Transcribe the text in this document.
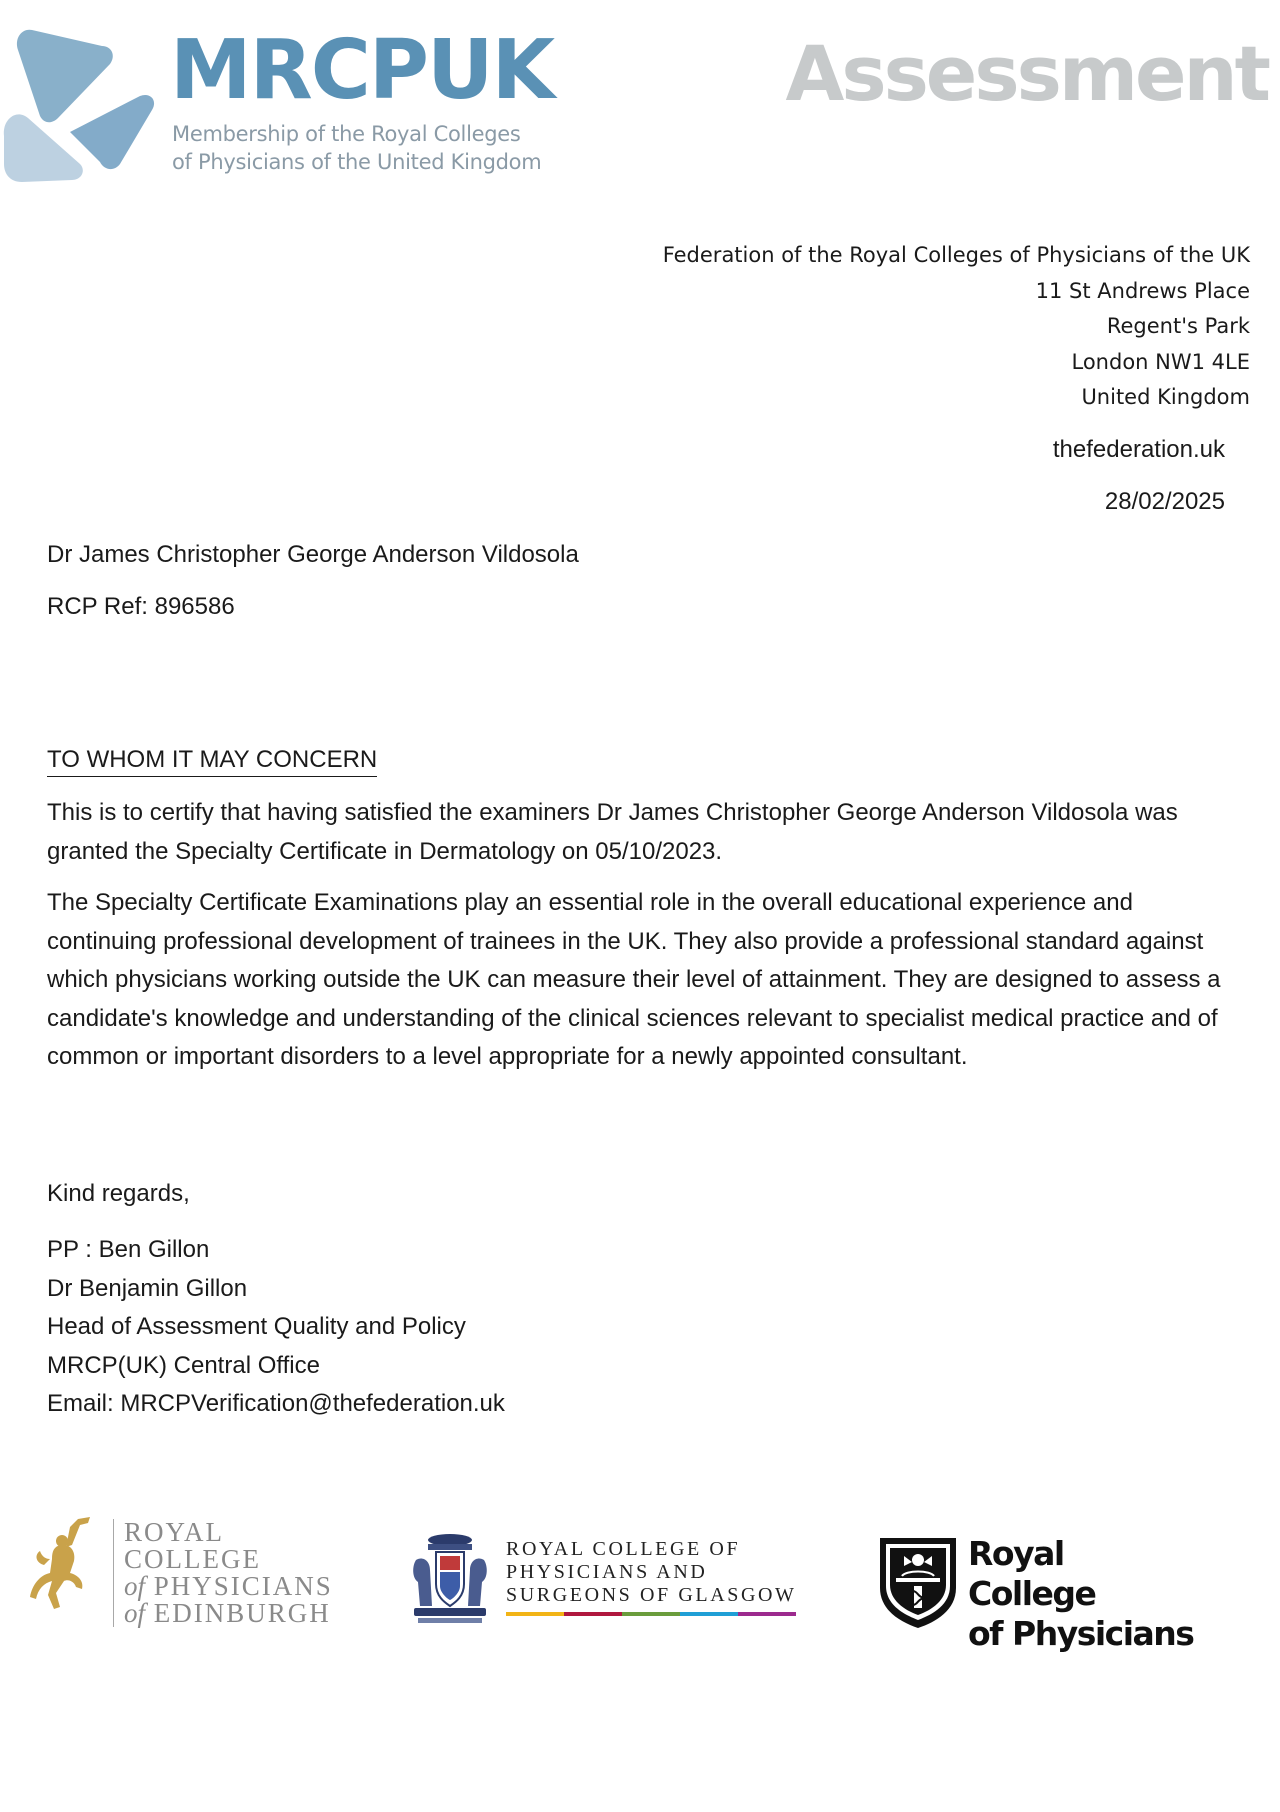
MRCPUK
Membership of the Royal Colleges
of Physicians of the United Kingdom
Assessment
Federation of the Royal Colleges of Physicians of the UK
11 St Andrews Place
Regent's Park
London NW1 4LE
United Kingdom
thefederation.uk
28/02/2025
Dr James Christopher George Anderson Vildosola
RCP Ref: 896586
TO WHOM IT MAY CONCERN

This is to certify that having satisfied the examiners Dr James Christopher George Anderson Vildosola was granted the Specialty Certificate in Dermatology on 05/10/2023.

The Specialty Certificate Examinations play an essential role in the overall educational experience and continuing professional development of trainees in the UK. They also provide a professional standard against which physicians working outside the UK can measure their level of attainment. They are designed to assess a candidate's knowledge and understanding of the clinical sciences relevant to specialist medical practice and of common or important disorders to a level appropriate for a newly appointed consultant.

Kind regards,
PP : Ben Gillon
Dr Benjamin Gillon
Head of Assessment Quality and Policy
MRCP(UK) Central Office
Email: MRCPVerification@thefederation.uk
ROYAL COLLEGE
of PHYSICIANS
of EDINBURGH
ROYAL COLLEGE OF
PHYSICIANS AND
SURGEONS OF GLASGOW
Royal College
of Physicians
